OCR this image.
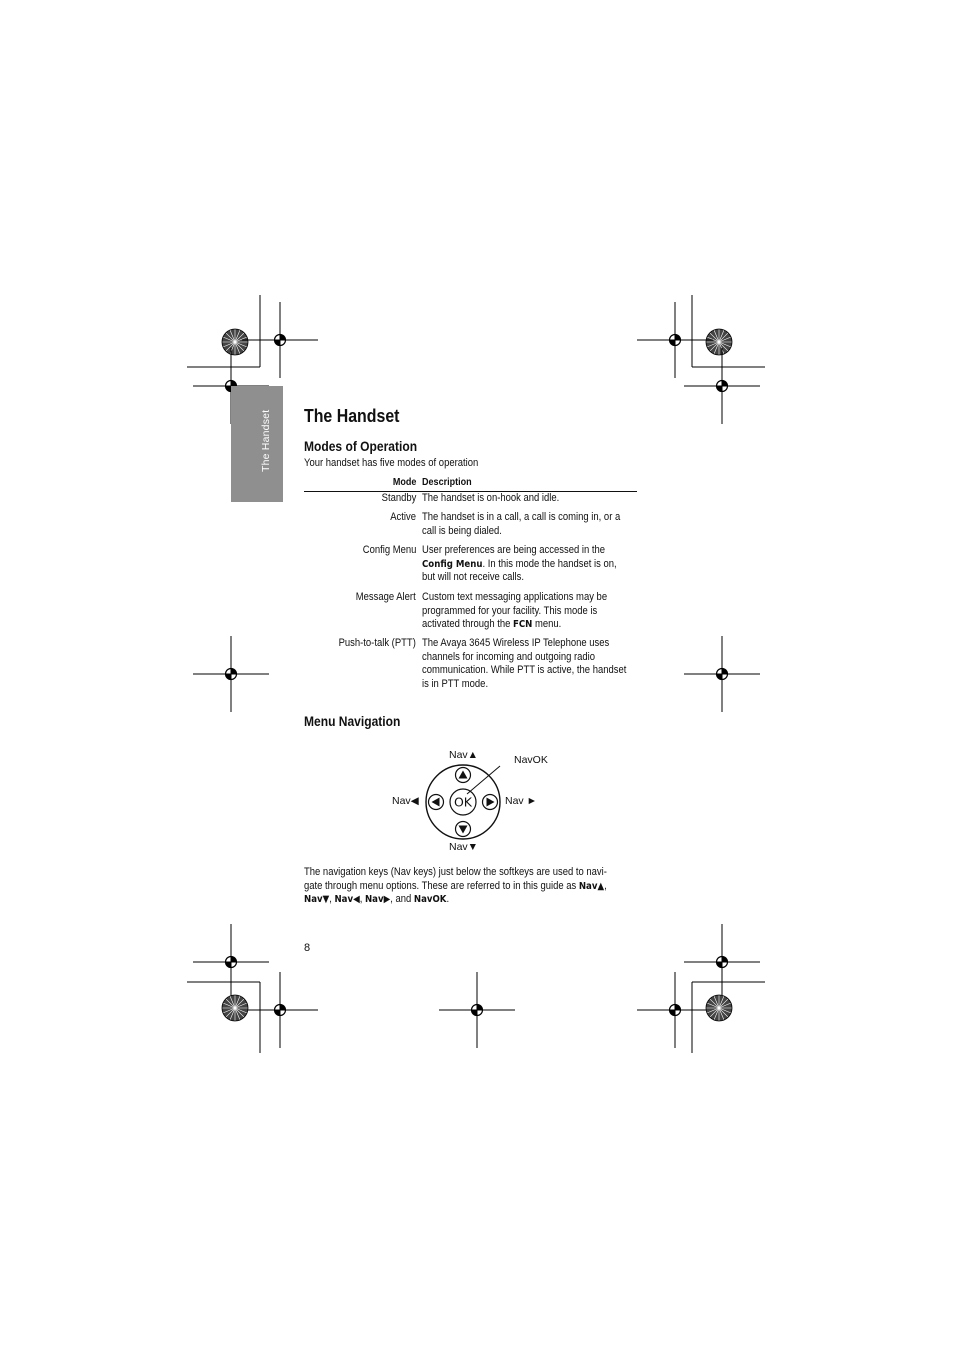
The Handset The Handset
Modes of Operation
Your handset has five modes of operation
Mode Description
Standby The handset is on-hook and idle.
Active The handset is in a call, a call is coming in, or a call is being dialed.
Config Menu User preferences are being accessed in the Config Menu. In this mode the handset is on, but will not receive calls.
Message Alert Custom text messaging applications may be programmed for your facility. This mode is activated through the FCN menu.
Push-to-talk (PTT) The Avaya 3645 Wireless IP Telephone uses channels for incoming and outgoing radio communication. While PTT is active, the handset is in PTT mode.
Menu Navigation
OK
Nav▲
Nav▼
Nav◀	Nav ►
NavOK
The navigation keys (Nav keys) just below the softkeys are used to navi-
gate through menu options. These are referred to in this guide as Nav▲,
Nav▼, Nav◀, Nav▶, and NavOK.
8
